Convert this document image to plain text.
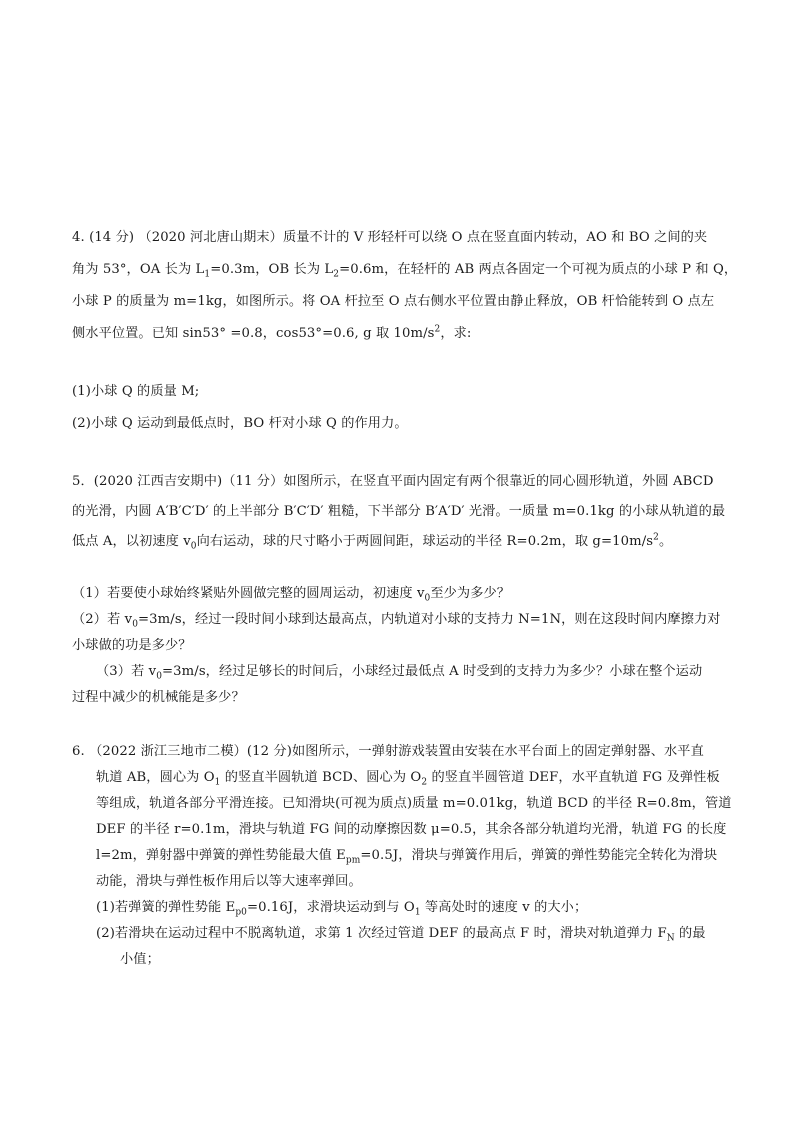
4. (14 分) （2020 河北唐山期末）质量不计的 V 形轻杆可以绕 O 点在竖直面内转动，AO 和 BO 之间的夹
角为 53°，OA 长为 $L_1=0.3m$，OB 长为 $L_2=0.6m$，在轻杆的 AB 两点各固定一个可视为质点的小球 P 和 Q，
小球 P 的质量为 m=1kg，如图所示。将 OA 杆拉至 O 点右侧水平位置由静止释放，OB 杆恰能转到 O 点左
侧水平位置。已知 sin53° =0.8，cos53°=0.6, g 取 $10m/s^2$，求:
(1)小球 Q 的质量 M;
(2)小球 Q 运动到最低点时，BO 杆对小球 Q 的作用力。
5．(2020 江西吉安期中)（11 分）如图所示，在竖直平面内固定有两个很靠近的同心圆形轨道，外圆 ABCD
的光滑，内圆 A′B′C′D′ 的上半部分 B′C′D′ 粗糙，下半部分 B′A′D′ 光滑。一质量 m=0.1kg 的小球从轨道的最
低点 A，以初速度 $v_0$向右运动，球的尺寸略小于两圆间距，球运动的半径 R=0.2m，取 $g=10m/s^2$。
（1）若要使小球始终紧贴外圆做完整的圆周运动，初速度 $v_0$至少为多少？
（2）若 $v_0=3m/s$，经过一段时间小球到达最高点，内轨道对小球的支持力 N=1N，则在这段时间内摩擦力对
小球做的功是多少？
（3）若 $v_0=3m/s$，经过足够长的时间后，小球经过最低点 A 时受到的支持力为多少？小球在整个运动
过程中减少的机械能是多少？
6. （2022 浙江三地市二模）(12 分)如图所示，一弹射游戏装置由安装在水平台面上的固定弹射器、水平直
轨道 AB，圆心为 $O_1$ 的竖直半圆轨道 BCD、圆心为 $O_2$ 的竖直半圆管道 DEF，水平直轨道 FG 及弹性板
等组成，轨道各部分平滑连接。已知滑块(可视为质点)质量 m=0.01kg，轨道 BCD 的半径 R=0.8m，管道
DEF 的半径 r=0.1m，滑块与轨道 FG 间的动摩擦因数 μ=0.5，其余各部分轨道均光滑，轨道 FG 的长度
l=2m，弹射器中弹簧的弹性势能最大值 $E_{pm}=0.5J$，滑块与弹簧作用后，弹簧的弹性势能完全转化为滑块
动能，滑块与弹性板作用后以等大速率弹回。
(1)若弹簧的弹性势能 $E_{p0}=0.16J$，求滑块运动到与 $O_1$ 等高处时的速度 v 的大小；
(2)若滑块在运动过程中不脱离轨道，求第 1 次经过管道 DEF 的最高点 F 时，滑块对轨道弹力 $F_N$ 的最
小值；
